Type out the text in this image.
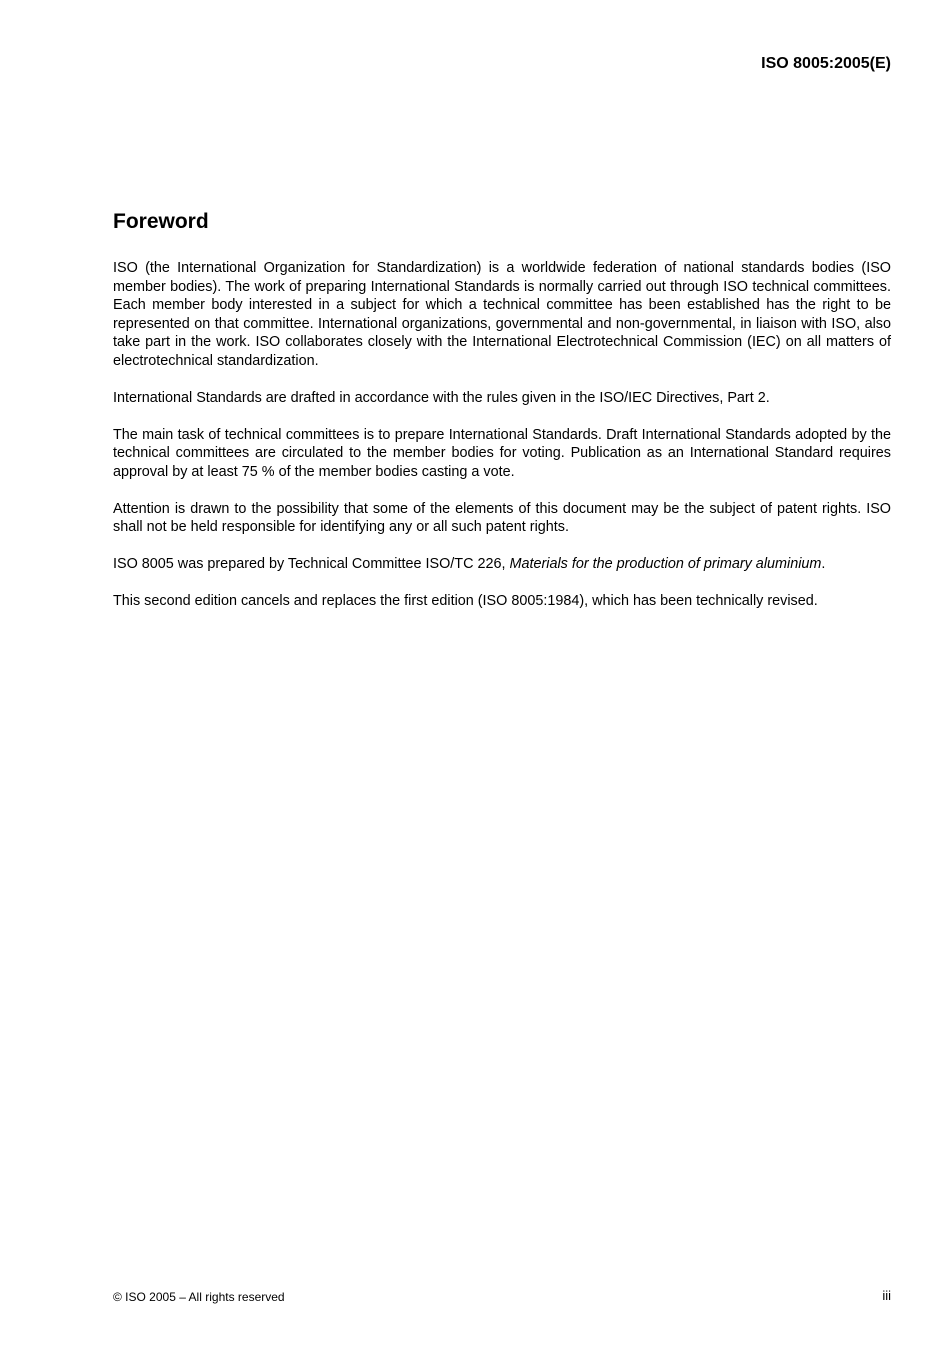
ISO 8005:2005(E)

Foreword

ISO (the International Organization for Standardization) is a worldwide federation of national standards bodies (ISO member bodies). The work of preparing International Standards is normally carried out through ISO technical committees. Each member body interested in a subject for which a technical committee has been established has the right to be represented on that committee. International organizations, governmental and non-governmental, in liaison with ISO, also take part in the work. ISO collaborates closely with the International Electrotechnical Commission (IEC) on all matters of electrotechnical standardization.

International Standards are drafted in accordance with the rules given in the ISO/IEC Directives, Part 2.

The main task of technical committees is to prepare International Standards. Draft International Standards adopted by the technical committees are circulated to the member bodies for voting. Publication as an International Standard requires approval by at least 75 % of the member bodies casting a vote.

Attention is drawn to the possibility that some of the elements of this document may be the subject of patent rights. ISO shall not be held responsible for identifying any or all such patent rights.

ISO 8005 was prepared by Technical Committee ISO/TC 226, Materials for the production of primary aluminium.

This second edition cancels and replaces the first edition (ISO 8005:1984), which has been technically revised.

© ISO 2005 – All rights reserved	iii
